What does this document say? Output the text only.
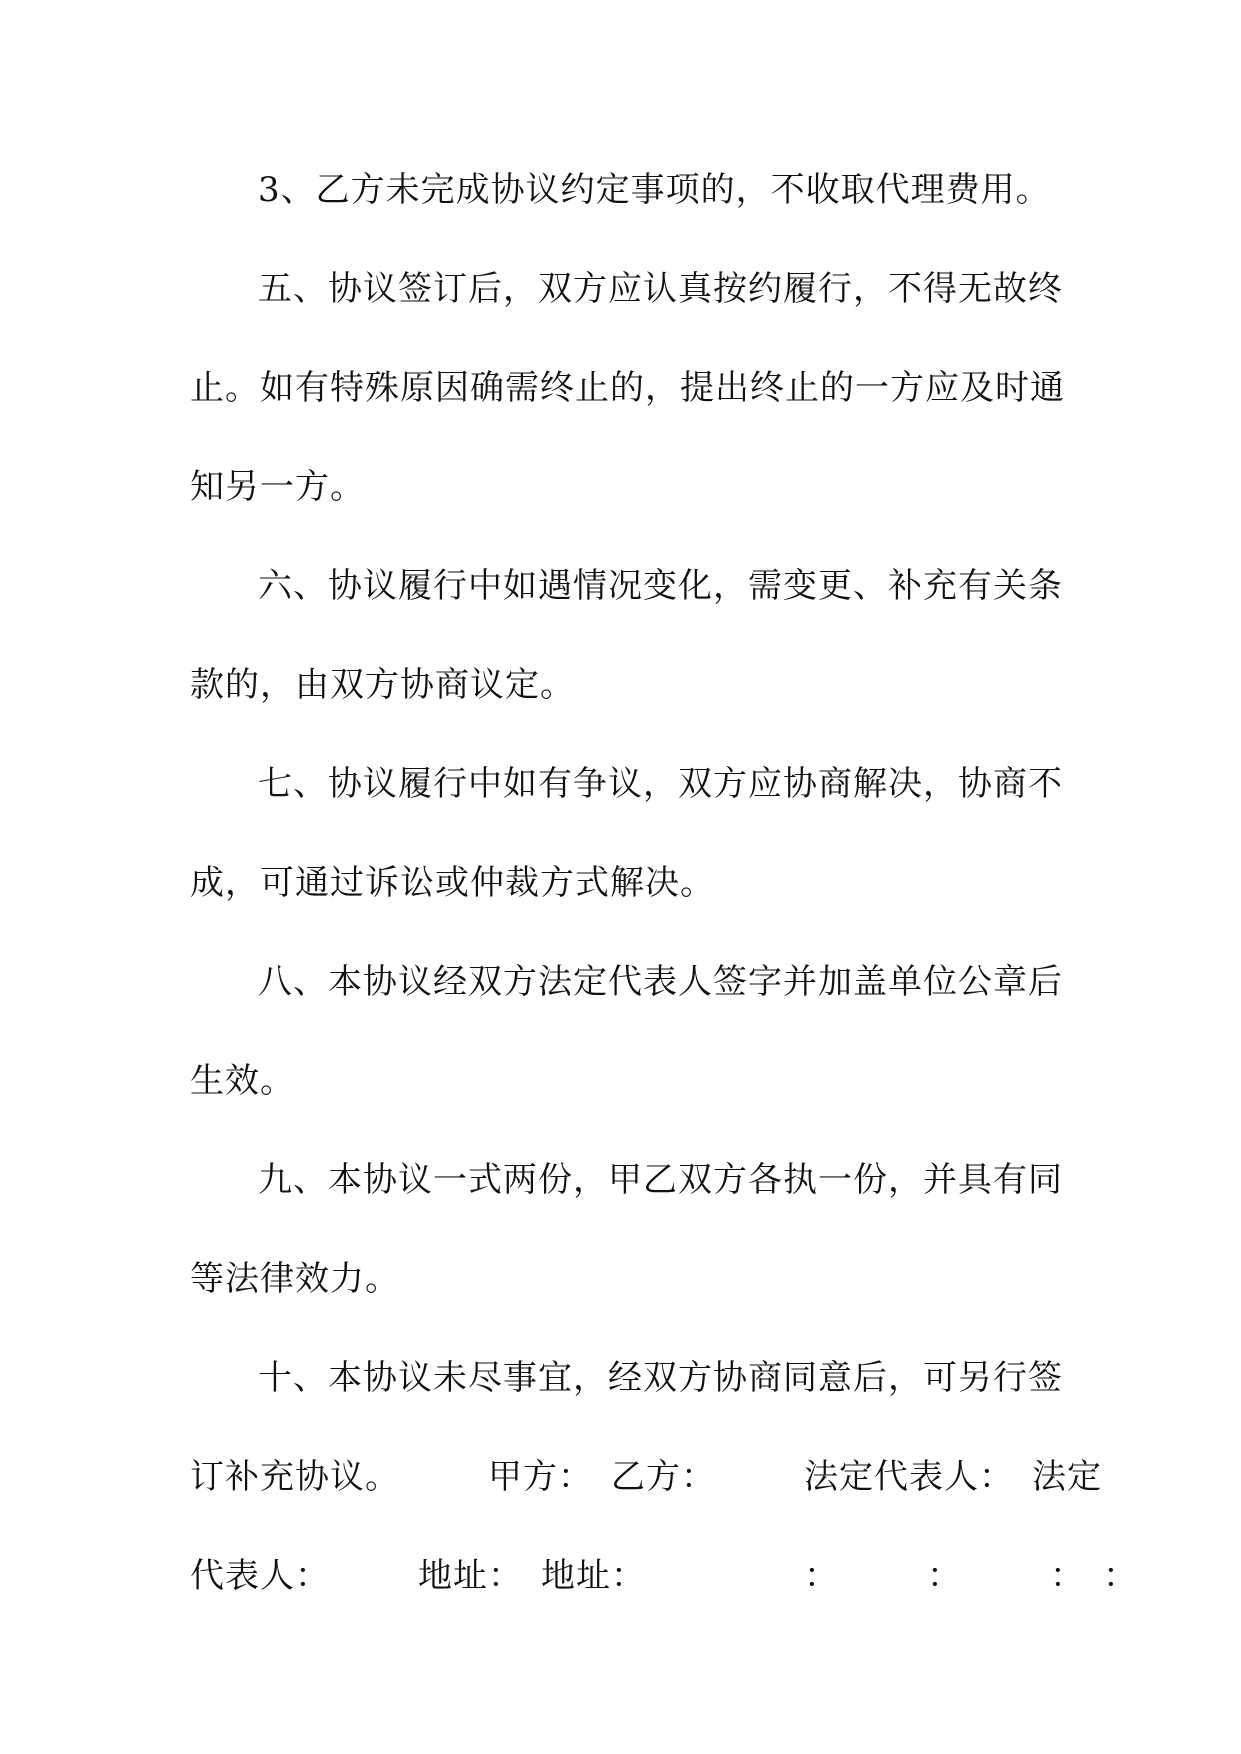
3、乙方未完成协议约定事项的，不收取代理费用。
五、协议签订后，双方应认真按约履行，不得无故终
止。如有特殊原因确需终止的，提出终止的一方应及时通
知另一方。
六、协议履行中如遇情况变化，需变更、补充有关条
款的，由双方协商议定。
七、协议履行中如有争议，双方应协商解决，协商不
成，可通过诉讼或仲裁方式解决。
八、本协议经双方法定代表人签字并加盖单位公章后
生效。
九、本协议一式两份，甲乙双方各执一份，并具有同
等法律效力。
十、本协议未尽事宜，经双方协商同意后，可另行签
订补充协议。　　　甲方：　乙方：　　　法定代表人：　法定
代表人：　　　地址：　地址：　　　　　：　　　：　　　：　：
